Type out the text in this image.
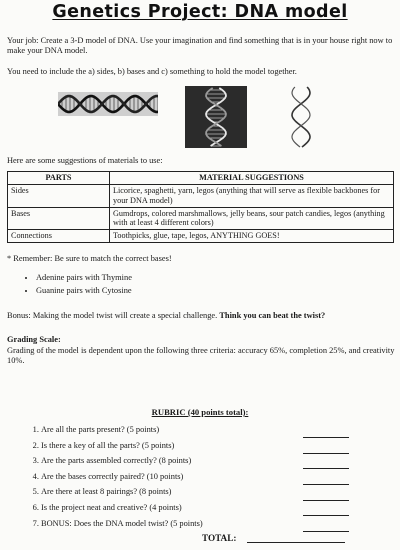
Genetics Project: DNA model

Your job: Create a 3-D model of DNA. Use your imagination and find something that is in your house right now to make your DNA model.

You need to include the a) sides, b) bases and c) something to hold the model together.

Here are some suggestions of materials to use:

PARTS	MATERIAL SUGGESTIONS
Sides	Licorice, spaghetti, yarn, legos (anything that will serve as flexible backbones for your DNA model)
Bases	Gumdrops, colored marshmallows, jelly beans, sour patch candies, legos (anything with at least 4 different colors)
Connections	Toothpicks, glue, tape, legos, ANYTHING GOES!

* Remember: Be sure to match the correct bases!

• Adenine pairs with Thymine
• Guanine pairs with Cytosine

Bonus: Making the model twist will create a special challenge. Think you can beat the twist?

Grading Scale:

Grading of the model is dependent upon the following three criteria: accuracy 65%, completion 25%, and creativity 10%.

RUBRIC (40 points total):
1. Are all the parts present? (5 points)
2. Is there a key of all the parts? (5 points)
3. Are the parts assembled correctly? (8 points)
4. Are the bases correctly paired? (10 points)
5. Are there at least 8 pairings? (8 points)
6. Is the project neat and creative? (4 points)
7. BONUS: Does the DNA model twist? (5 points)
TOTAL:
